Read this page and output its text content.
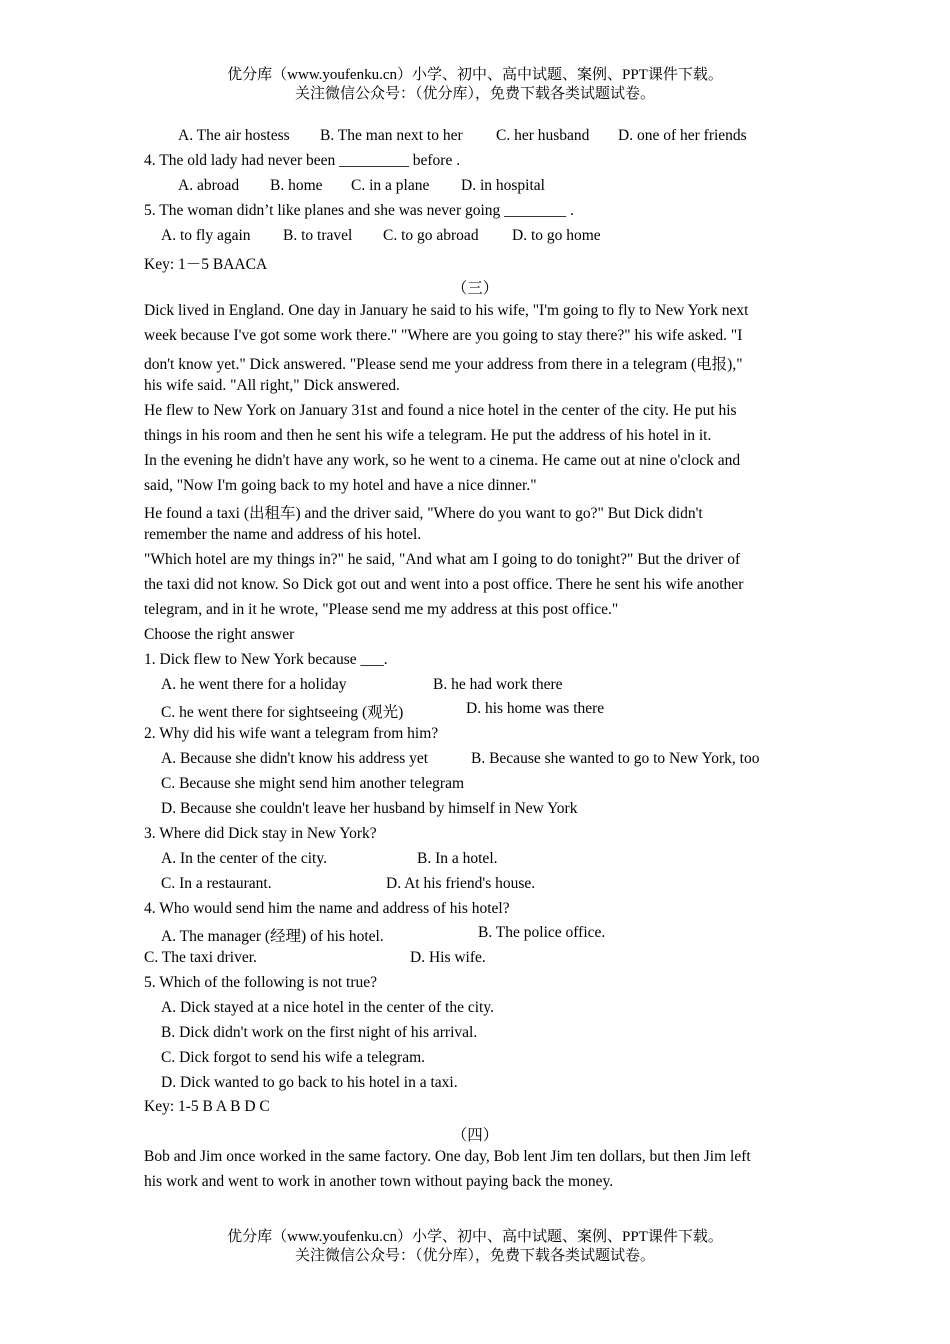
优分库（www.youfenku.cn）小学、初中、高中试题、案例、PPT课件下载。
关注微信公众号：（优分库），免费下载各类试题试卷。
A. The air hostess B. The man next to her C. her husband D. one of her friends
4. The old lady had never been _________ before .
A. abroad B. home C. in a plane D. in hospital
5. The woman didn’t like planes and she was never going ________ .
A. to fly again B. to travel C. to go abroad D. to go home
Key: 1－5 BAACA
（三）
Dick lived in England. One day in January he said to his wife, "I'm going to fly to New York next
week because I've got some work there." "Where are you going to stay there?" his wife asked. "I
don't know yet." Dick answered. "Please send me your address from there in a telegram (电报),"
his wife said. "All right," Dick answered.
He flew to New York on January 31st and found a nice hotel in the center of the city. He put his
things in his room and then he sent his wife a telegram. He put the address of his hotel in it.
In the evening he didn't have any work, so he went to a cinema. He came out at nine o'clock and
said, "Now I'm going back to my hotel and have a nice dinner."
He found a taxi (出租车) and the driver said, "Where do you want to go?" But Dick didn't
remember the name and address of his hotel.
"Which hotel are my things in?" he said, "And what am I going to do tonight?" But the driver of
the taxi did not know. So Dick got out and went into a post office. There he sent his wife another
telegram, and in it he wrote, "Please send me my address at this post office."
Choose the right answer
1. Dick flew to New York because ___.
A. he went there for a holiday	B. he had work there
C. he went there for sightseeing (观光)	D. his home was there
2. Why did his wife want a telegram from him?
A. Because she didn't know his address yet	B. Because she wanted to go to New York, too
C. Because she might send him another telegram
D. Because she couldn't leave her husband by himself in New York
3. Where did Dick stay in New York?
A. In the center of the city.	B. In a hotel.
C. In a restaurant.	D. At his friend's house.
4. Who would send him the name and address of his hotel?
A. The manager (经理) of his hotel.	B. The police office.
C. The taxi driver.	D. His wife.
5. Which of the following is not true?
A. Dick stayed at a nice hotel in the center of the city.
B. Dick didn't work on the first night of his arrival.
C. Dick forgot to send his wife a telegram.
D. Dick wanted to go back to his hotel in a taxi.
Key: 1-5 B A B D C
（四）
Bob and Jim once worked in the same factory. One day, Bob lent Jim ten dollars, but then Jim left
his work and went to work in another town without paying back the money.
优分库（www.youfenku.cn）小学、初中、高中试题、案例、PPT课件下载。
关注微信公众号：（优分库），免费下载各类试题试卷。
